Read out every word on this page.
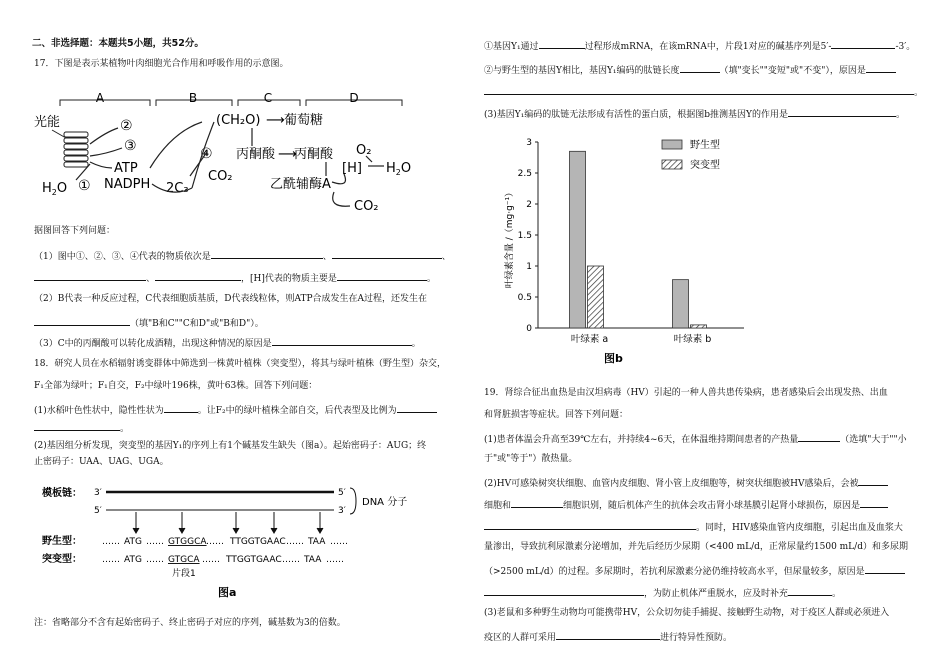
二、非选择题：本题共5小题，共52分。
17．下图是表示某植物叶肉细胞光合作用和呼吸作用的示意图。
A	B	C	D
光能	②
③	④
ATP
NADPH
$H_2O$ ①	2C₃
CO₂
(CH₂O) ⟶ 葡萄糖
丙酮酸 ⟶
丙酮酸
[H]
O₂
$H_2O$
乙酰辅酶A
CO₂
据图回答下列问题：
（1）图中①、②、③、④代表的物质依次是	、	、
、	，[H]代表的物质主要是	。
（2）B代表一种反应过程，C代表细胞质基质，D代表线粒体，则ATP合成发生在A过程，还发生在
（填"B和C""C和D"或"B和D"）。
（3）C中的丙酮酸可以转化成酒精，出现这种情况的原因是	。
18．研究人员在水稻辐射诱变群体中筛选到一株黄叶植株（突变型），将其与绿叶植株（野生型）杂交，
F₁全部为绿叶；F₁自交，F₂中绿叶196株，黄叶63株。回答下列问题：
(1)水稻叶色性状中，隐性性状为	。让F₂中的绿叶植株全部自交，后代表型及比例为
。
(2)基因组分析发现，突变型的基因Y₁的序列上有1个碱基发生缺失（图a）。起始密码子：AUG；终
止密码子：UAA、UAG、UGA。
模板链： 3′	5′
5′	3′
DNA 分子
野生型： …… ATG …… GTGGCA …… TTGGTGAAC …… TAA ……
突变型： …… ATG …… GTGCA …… TTGGTGAAC …… TAA ……
片段1
图a
注：省略部分不含有起始密码子、终止密码子对应的序列，碱基数为3的倍数。
①基因Y₁通过	过程形成mRNA，在该mRNA中，片段1对应的碱基序列是5′-	-3′。
②与野生型的基因Y相比，基因Y₁编码的肽链长度	（填"变长""变短"或"不变"），原因是
。
(3)基因Y₁编码的肽链无法形成有活性的蛋白质，根据图b推测基因Y的作用是	。
0
0.5
1
1.5
2
2.5
3
叶绿素 a	叶绿素 b
野生型
突变型
叶绿素含量 /（mg·g⁻¹）
图b
19．肾综合征出血热是由汉坦病毒（HV）引起的一种人兽共患传染病，患者感染后会出现发热、出血
和肾脏损害等症状。回答下列问题：
(1)患者体温会升高至39℃左右，并持续4~6天，在体温维持期间患者的产热量	（选填"大于""小
于"或"等于"）散热量。
(2)HV可感染树突状细胞、血管内皮细胞、肾小管上皮细胞等，树突状细胞被HV感染后，会被
细胞和	细胞识别，随后机体产生的抗体会攻击肾小球基膜引起肾小球损伤，原因是
。同时，HIV感染血管内皮细胞，引起出血及血浆大
量渗出，导致抗利尿激素分泌增加，并先后经历少尿期（<400 mL/d，正常尿量约1500 mL/d）和多尿期
（>2500 mL/d）的过程。多尿期时，若抗利尿激素分泌仍维持较高水平，但尿量较多，原因是
，为防止机体严重脱水，应及时补充	。
(3)老鼠和多种野生动物均可能携带HV，公众切勿徒手捕捉、接触野生动物，对于疫区人群或必须进入
疫区的人群可采用	进行特异性预防。
